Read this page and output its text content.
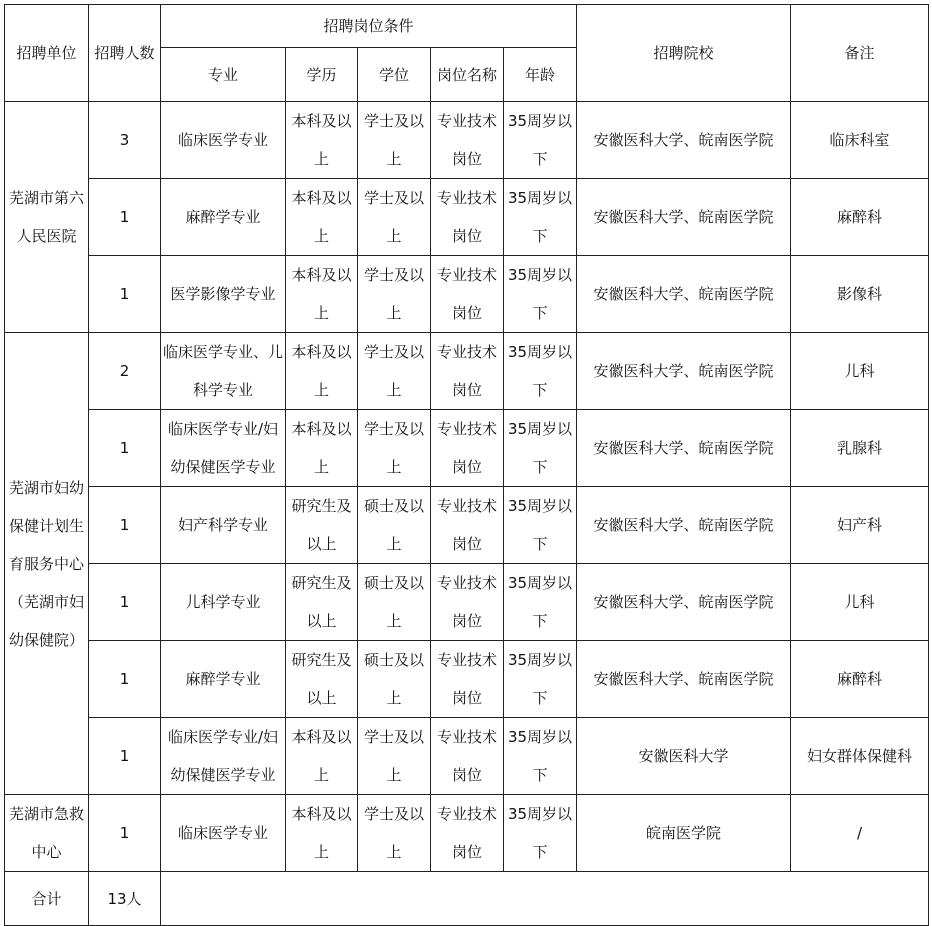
招聘单位	招聘人数	招聘岗位条件					招聘院校	备注
		专业	学历	学位	岗位名称	年龄		
芜湖市第六人民医院	3	临床医学专业	本科及以上	学士及以上	专业技术岗位	35周岁以下	安徽医科大学、皖南医学院	临床科室
	1	麻醉学专业	本科及以上	学士及以上	专业技术岗位	35周岁以下	安徽医科大学、皖南医学院	麻醉科
	1	医学影像学专业	本科及以上	学士及以上	专业技术岗位	35周岁以下	安徽医科大学、皖南医学院	影像科
芜湖市妇幼保健计划生育服务中心（芜湖市妇幼保健院）	2	临床医学专业、儿科学专业	本科及以上	学士及以上	专业技术岗位	35周岁以下	安徽医科大学、皖南医学院	儿科
	1	临床医学专业/妇幼保健医学专业	本科及以上	学士及以上	专业技术岗位	35周岁以下	安徽医科大学、皖南医学院	乳腺科
	1	妇产科学专业	研究生及以上	硕士及以上	专业技术岗位	35周岁以下	安徽医科大学、皖南医学院	妇产科
	1	儿科学专业	研究生及以上	硕士及以上	专业技术岗位	35周岁以下	安徽医科大学、皖南医学院	儿科
	1	麻醉学专业	研究生及以上	硕士及以上	专业技术岗位	35周岁以下	安徽医科大学、皖南医学院	麻醉科
	1	临床医学专业/妇幼保健医学专业	本科及以上	学士及以上	专业技术岗位	35周岁以下	安徽医科大学	妇女群体保健科
芜湖市急救中心	1	临床医学专业	本科及以上	学士及以上	专业技术岗位	35周岁以下	皖南医学院	/
合计	13人							
